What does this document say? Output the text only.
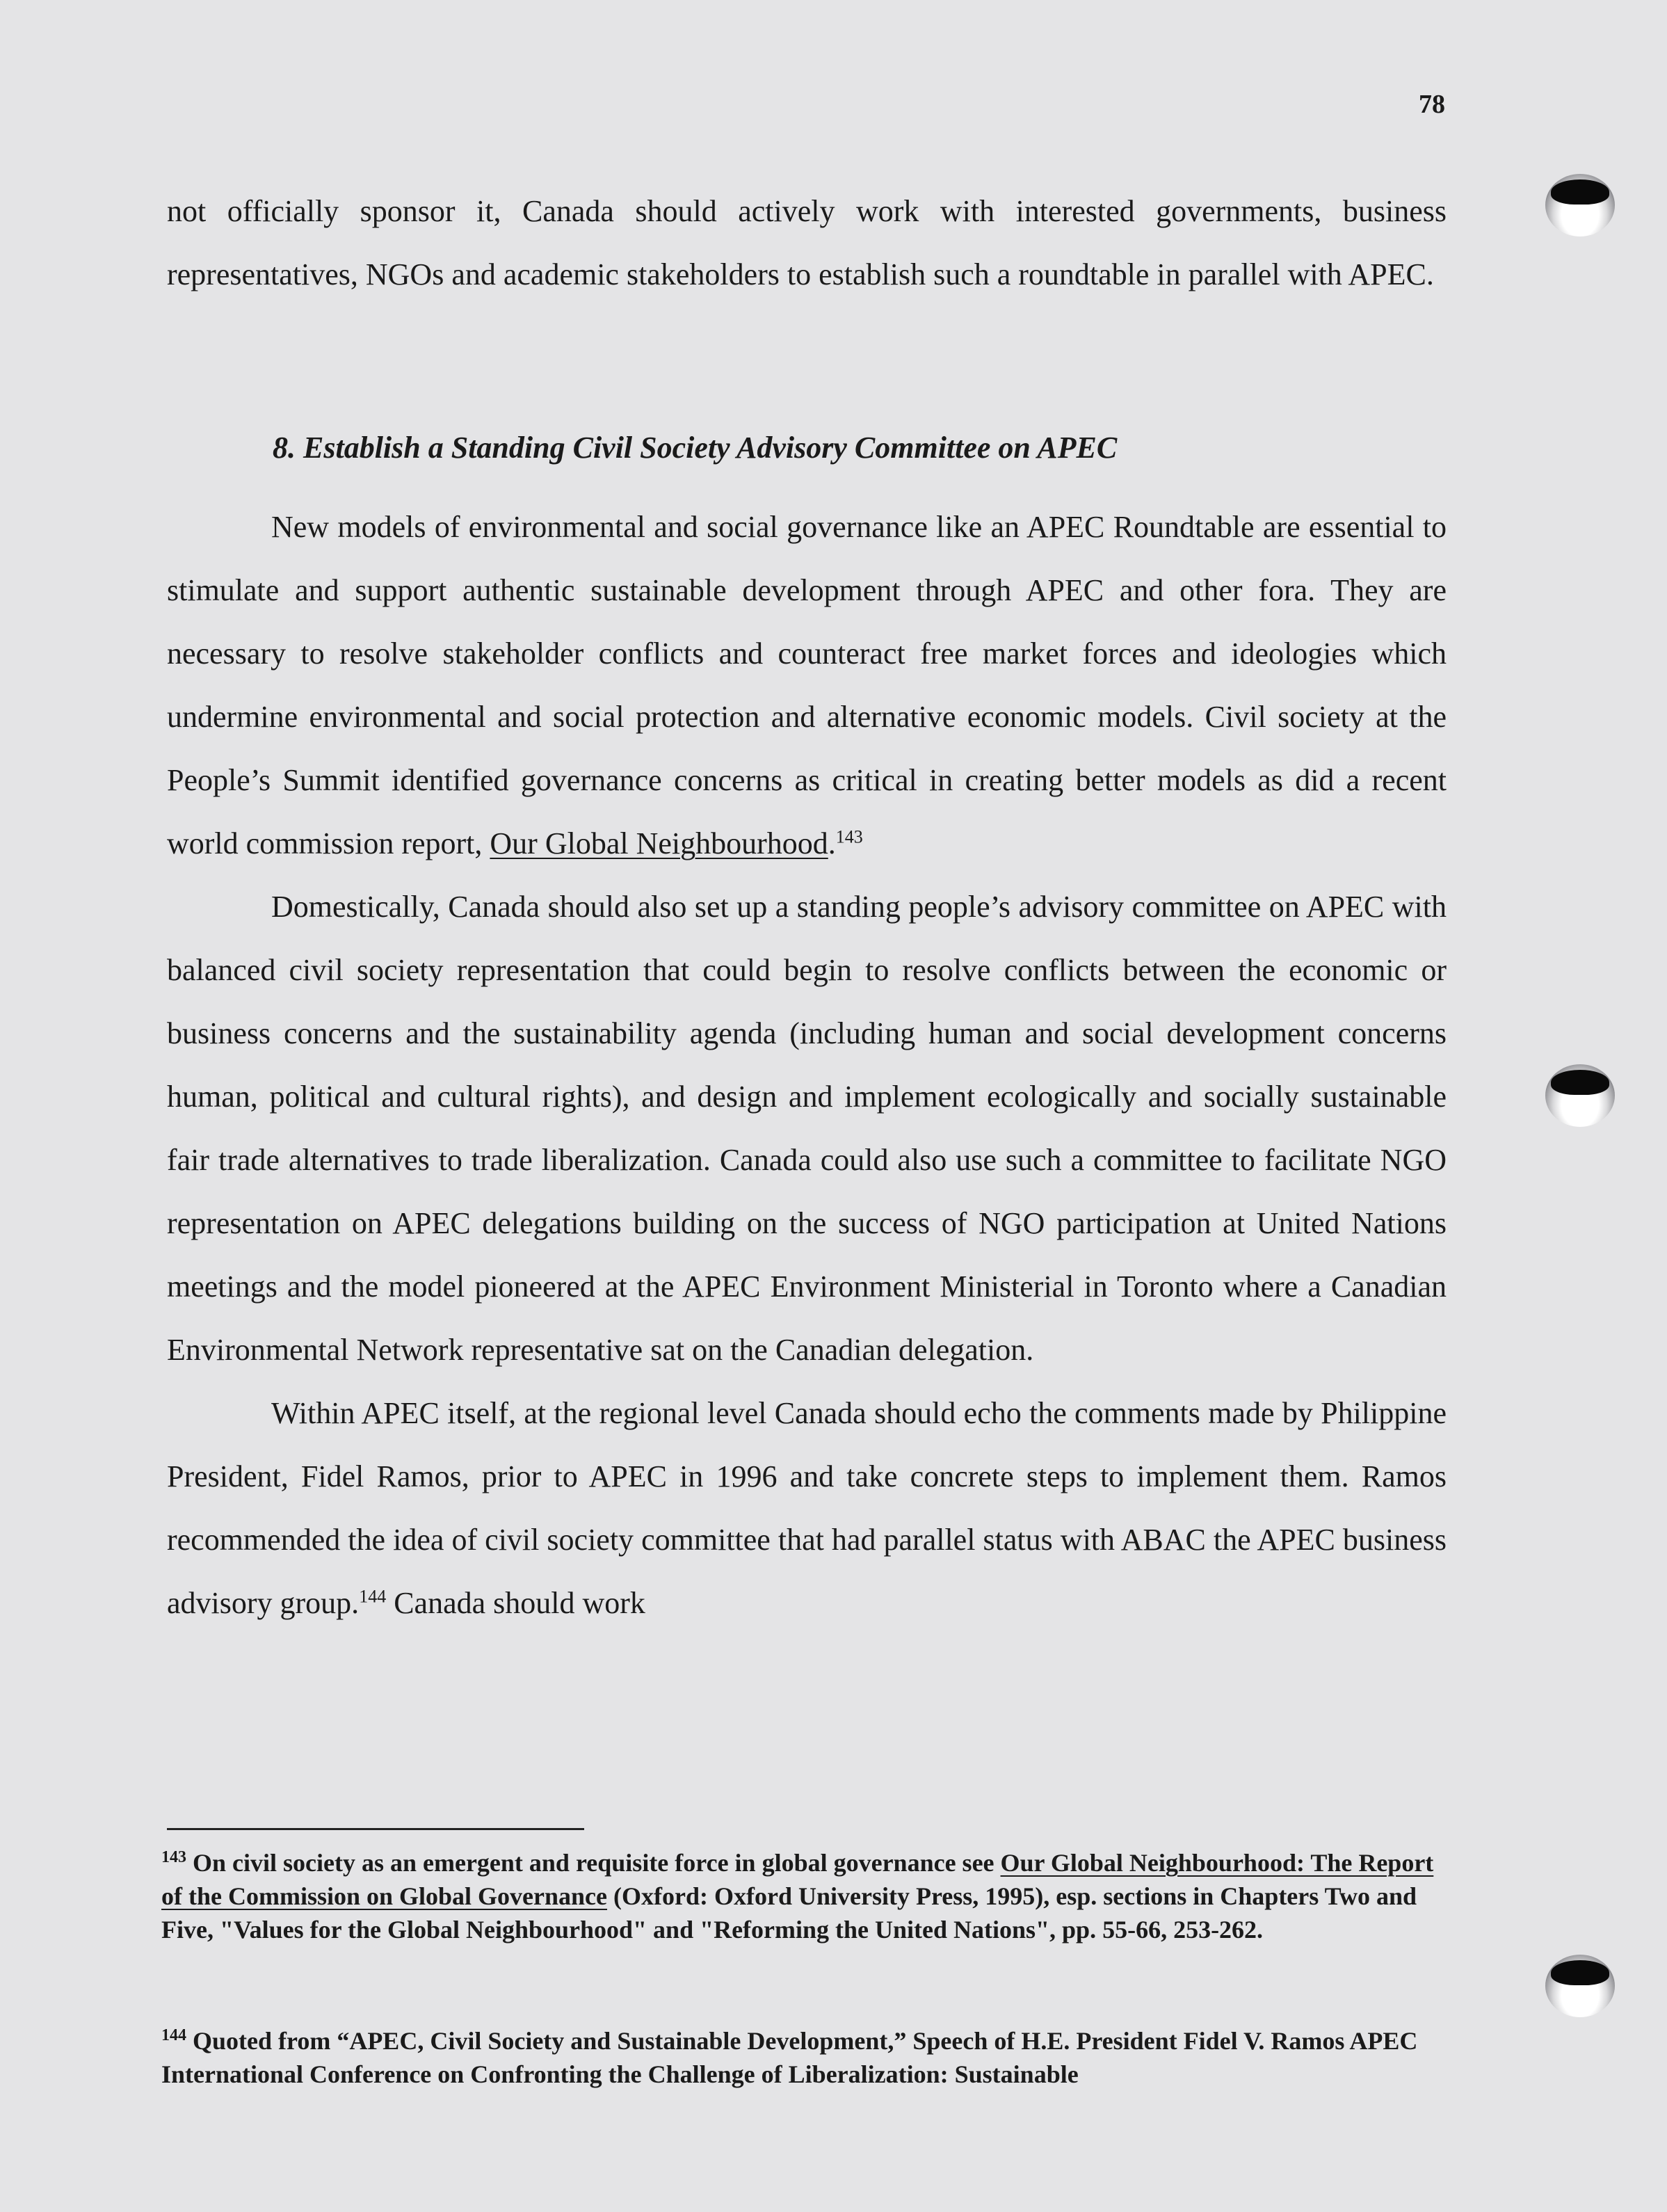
78

not officially sponsor it, Canada should actively work with interested governments, business representatives, NGOs and academic stakeholders to establish such a roundtable in parallel with APEC.

8. Establish a Standing Civil Society Advisory Committee on APEC

New models of environmental and social governance like an APEC Roundtable are essential to stimulate and support authentic sustainable development through APEC and other fora. They are necessary to resolve stakeholder conflicts and counteract free market forces and ideologies which undermine environmental and social protection and alternative economic models. Civil society at the People’s Summit identified governance concerns as critical in creating better models as did a recent world commission report, Our Global Neighbourhood.$^{143}$

Domestically, Canada should also set up a standing people’s advisory committee on APEC with balanced civil society representation that could begin to resolve conflicts between the economic or business concerns and the sustainability agenda (including human and social development concerns human, political and cultural rights), and design and implement ecologically and socially sustainable fair trade alternatives to trade liberalization. Canada could also use such a committee to facilitate NGO representation on APEC delegations building on the success of NGO participation at United Nations meetings and the model pioneered at the APEC Environment Ministerial in Toronto where a Canadian Environmental Network representative sat on the Canadian delegation.

Within APEC itself, at the regional level Canada should echo the comments made by Philippine President, Fidel Ramos, prior to APEC in 1996 and take concrete steps to implement them. Ramos recommended the idea of civil society committee that had parallel status with ABAC the APEC business advisory group.$^{144}$ Canada should work

$^{143}$ On civil society as an emergent and requisite force in global governance see Our Global Neighbourhood: The Report of the Commission on Global Governance (Oxford: Oxford University Press, 1995), esp. sections in Chapters Two and Five, "Values for the Global Neighbourhood" and "Reforming the United Nations", pp. 55-66, 253-262.

$^{144}$ Quoted from “APEC, Civil Society and Sustainable Development,” Speech of H.E. President Fidel V. Ramos APEC International Conference on Confronting the Challenge of Liberalization: Sustainable
